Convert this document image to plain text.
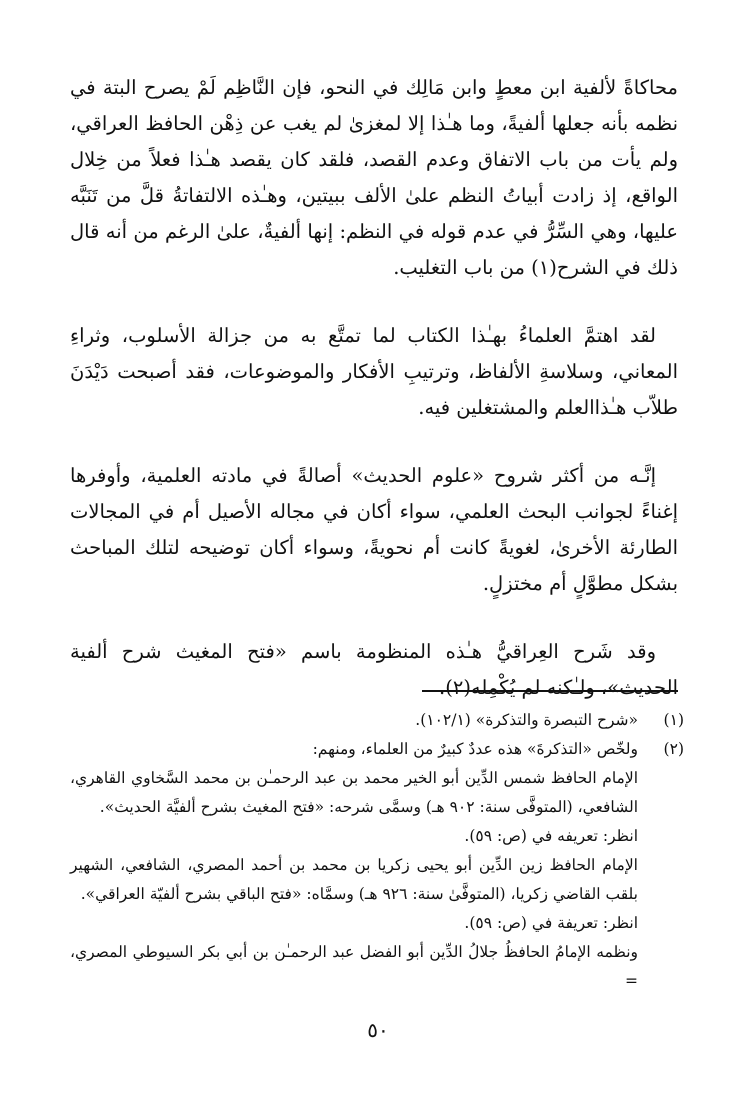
محاكاةً لألفية ابن معطٍ وابن مَالِك في النحو، فإن النَّاظِم لَمْ يصرح البتة في نظمه بأنه جعلها ألفيةً، وما هـٰذا إلا لمغزىٰ لم يغب عن ذِهْن الحافظ العراقي، ولم يأت من باب الاتفاق وعدم القصد، فلقد كان يقصد هـٰذا فعلاً من خِلال الواقع، إذ زادت أبياتُ النظم علىٰ الألف ببيتين، وهـٰذه الالتفاتةُ قلَّ من تَنَبَّه عليها، وهي السِّرُّ في عدم قوله في النظم: إنها ألفيةٌ، علىٰ الرغم من أنه قال ذلك في الشرح(١) من باب التغليب.

لقد اهتمَّ العلماءُ بهـٰذا الكتاب لما تمتَّع به من جزالة الأسلوب، وثراءِ المعاني، وسلاسةِ الألفاظ، وترتيبِ الأفكار والموضوعات، فقد أصبحت دَيْدَنَ طلاّب هـٰذاالعلم والمشتغلين فيه.

إنَّـه من أكثر شروح «علوم الحديث» أصالةً في مادته العلمية، وأوفرها إغناءً لجوانب البحث العلمي، سواء أكان في مجاله الأصيل أم في المجالات الطارئة الأخرىٰ، لغويةً كانت أم نحويةً، وسواء أكان توضيحه لتلك المباحث بشكل مطوَّلٍ أم مختزلٍ.

وقد شَرح العِراقيُّ هـٰذه المنظومة باسم «فتح المغيث شرح ألفية الحديث»، ولـٰكنه لم يُكْمِله(٢).

(١)
«شرح التبصرة والتذكرة» (١٠٢/١).
(٢)
ولخّص «التذكرةَ» هذه عددٌ كبيرٌ من العلماء، ومنهم:
الإمام الحافظ شمس الدِّين أبو الخير محمد بن عبد الرحمـٰن بن محمد السَّخاوي القاهري، الشافعي، (المتوفَّى سنة: ٩٠٢ هـ) وسمَّى شرحه: «فتح المغيث بشرح ألفيَّة الحديث».
انظر: تعريفه في (ص: ٥٩).
الإمام الحافظ زين الدِّين أبو يحيى زكريا بن محمد بن أحمد المصري، الشافعي، الشهير بلقب القاضي زكريا، (المتوفَّىٰ سنة: ٩٢٦ هـ) وسمَّاه: «فتح الباقي بشرح ألفيّة العراقي».
انظر: تعريفة في (ص: ٥٩).
ونظمه الإمامُ الحافظُ جلالُ الدِّين أبو الفضل عبد الرحمـٰن بن أبي بكر السيوطي المصري، =
٥٠
